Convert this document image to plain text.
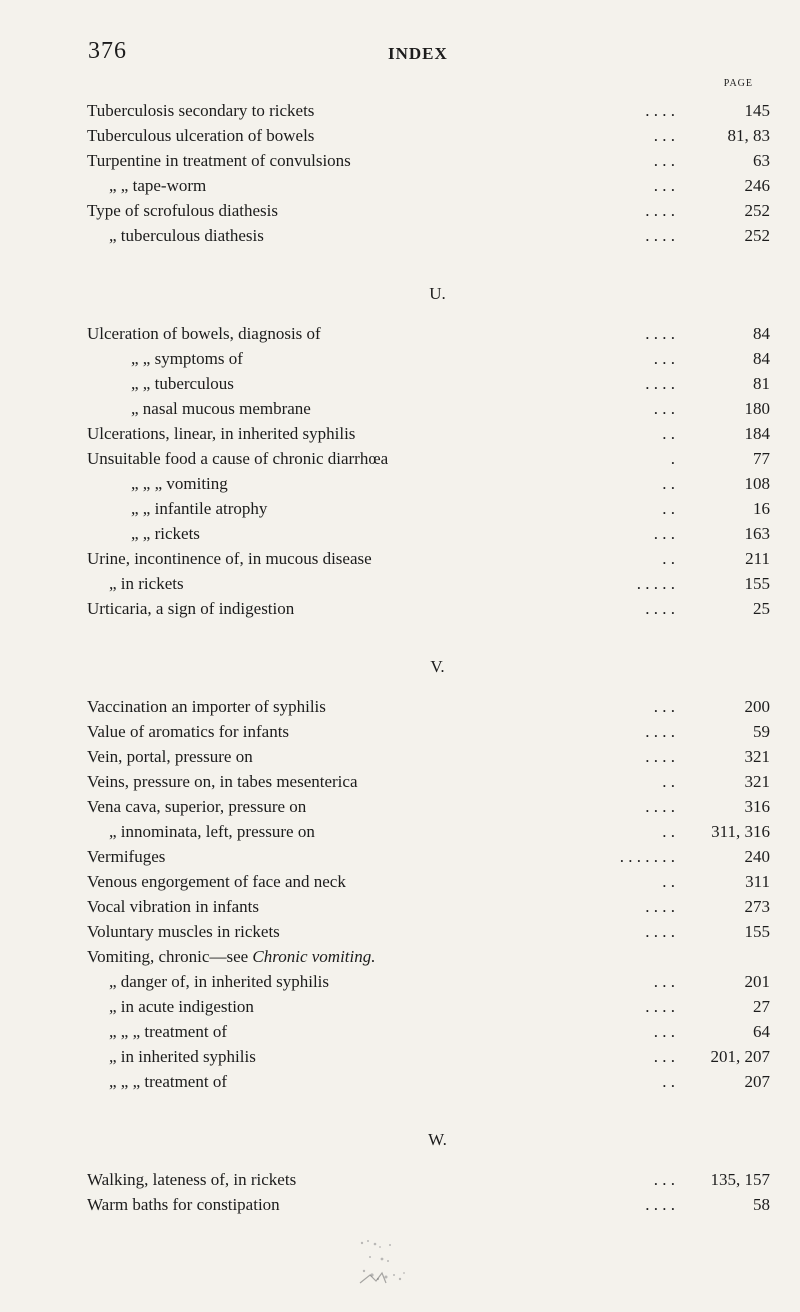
376	INDEX
PAGE
Tuberculosis secondary to rickets	. . . .	145
Tuberculous ulceration of bowels	. . .	81, 83
Turpentine in treatment of convulsions	. . .	63
„ „ tape-worm	. . .	246
Type of scrofulous diathesis	. . . .	252
„ tuberculous diathesis	. . . .	252
U.
Ulceration of bowels, diagnosis of	. . . .	84
„ „ symptoms of	. . .	84
„ „ tuberculous	. . . .	81
„ nasal mucous membrane	. . .	180
Ulcerations, linear, in inherited syphilis	. .	184
Unsuitable food a cause of chronic diarrhœa	.	77
„ „ „ vomiting	. .	108
„ „ infantile atrophy	. .	16
„ „ rickets	. . .	163
Urine, incontinence of, in mucous disease	. .	211
„ in rickets	. . . . .	155
Urticaria, a sign of indigestion	. . . .	25
V.
Vaccination an importer of syphilis	. . .	200
Value of aromatics for infants	. . . .	59
Vein, portal, pressure on	. . . .	321
Veins, pressure on, in tabes mesenterica	. .	321
Vena cava, superior, pressure on	. . . .	316
„ innominata, left, pressure on	. . 311, 316
Vermifuges	. . . . . . .	240
Venous engorgement of face and neck	. .	311
Vocal vibration in infants	. . . .	273
Voluntary muscles in rickets	. . . .	155
Vomiting, chronic—see Chronic vomiting.
„ danger of, in inherited syphilis	. . .	201
„ in acute indigestion	. . . .	27
„ „ „ treatment of	. . .	64
„ in inherited syphilis	. . . 201, 207
„ „ „ treatment of	. .	207
W.
Walking, lateness of, in rickets	. . . 135, 157
Warm baths for constipation	. . . .	58
